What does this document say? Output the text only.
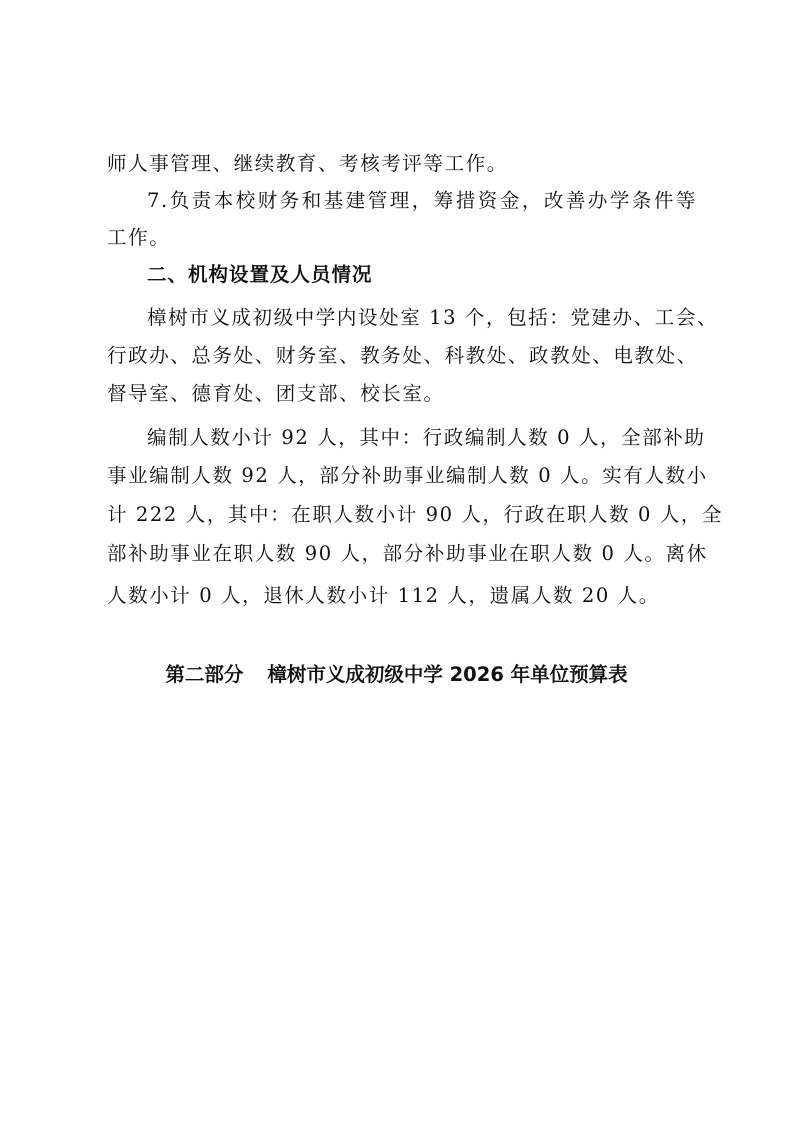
师人事管理、继续教育、考核考评等工作。
7.负责本校财务和基建管理，筹措资金，改善办学条件等
工作。
二、机构设置及人员情况
樟树市义成初级中学内设处室 13 个，包括：党建办、工会、
行政办、总务处、财务室、教务处、科教处、政教处、电教处、
督导室、德育处、团支部、校长室。
编制人数小计 92 人，其中：行政编制人数 0 人，全部补助
事业编制人数 92 人，部分补助事业编制人数 0 人。实有人数小
计 222 人，其中：在职人数小计 90 人，行政在职人数 0 人，全
部补助事业在职人数 90 人，部分补助事业在职人数 0 人。离休
人数小计 0 人，退休人数小计 112 人，遗属人数 20 人。
第二部分 樟树市义成初级中学 2026 年单位预算表
